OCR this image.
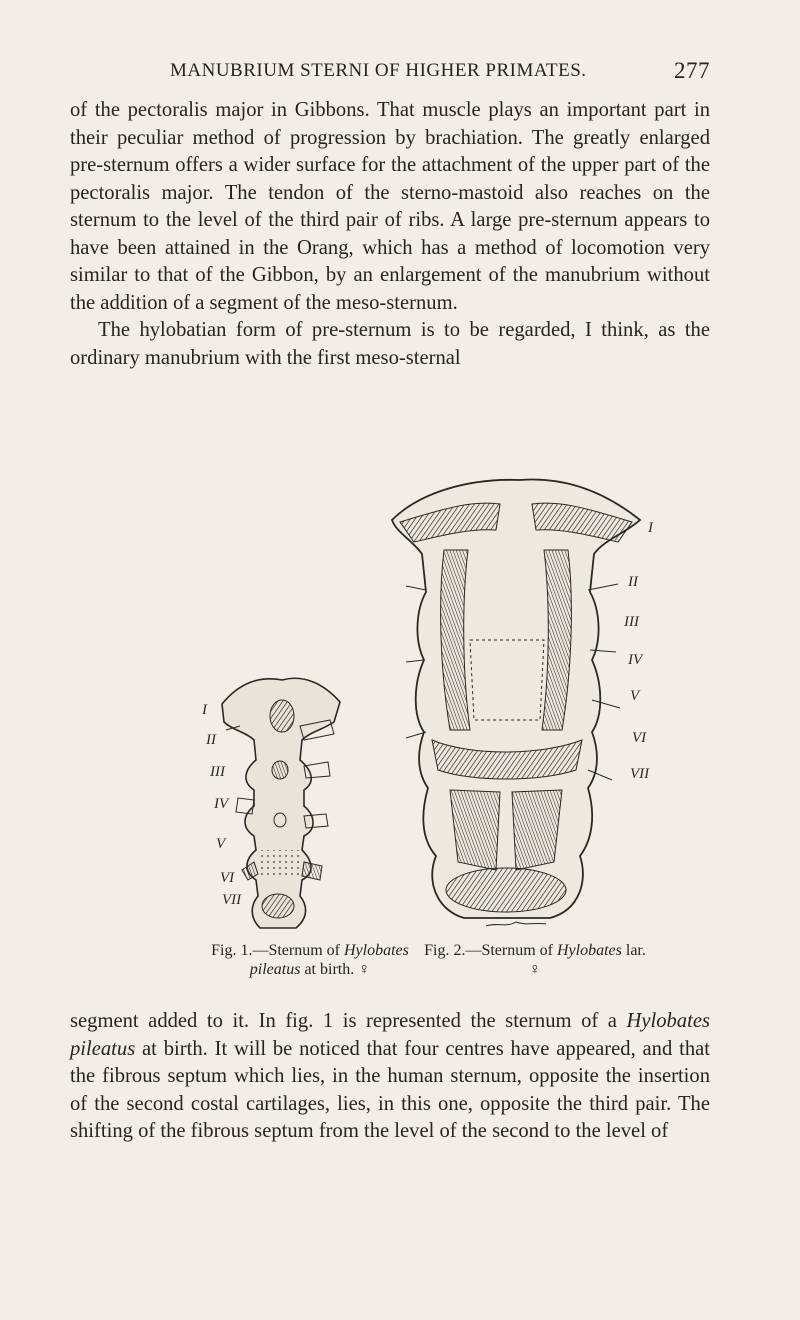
MANUBRIUM STERNI OF HIGHER PRIMATES.	277

of the pectoralis major in Gibbons. That muscle plays an important part in their peculiar method of progression by brachiation. The greatly enlarged pre-sternum offers a wider surface for the attachment of the upper part of the pectoralis major. The tendon of the sterno-mastoid also reaches on the sternum to the level of the third pair of ribs. A large pre-sternum appears to have been attained in the Orang, which has a method of locomotion very similar to that of the Gibbon, by an enlargement of the manubrium without the addition of a segment of the meso-sternum.

The hylobatian form of pre-sternum is to be regarded, I think, as the ordinary manubrium with the first meso-sternal

I
II
III
IV
V
VI
VII
I
II
III
IV
V
VI
VII
Fig. 1.—Sternum of Hylobates pileatus at birth. ♀
Fig. 2.—Sternum of Hylobates lar. ♀

segment added to it. In fig. 1 is represented the sternum of a Hylobates pileatus at birth. It will be noticed that four centres have appeared, and that the fibrous septum which lies, in the human sternum, opposite the insertion of the second costal cartilages, lies, in this one, opposite the third pair. The shifting of the fibrous septum from the level of the second to the level of
